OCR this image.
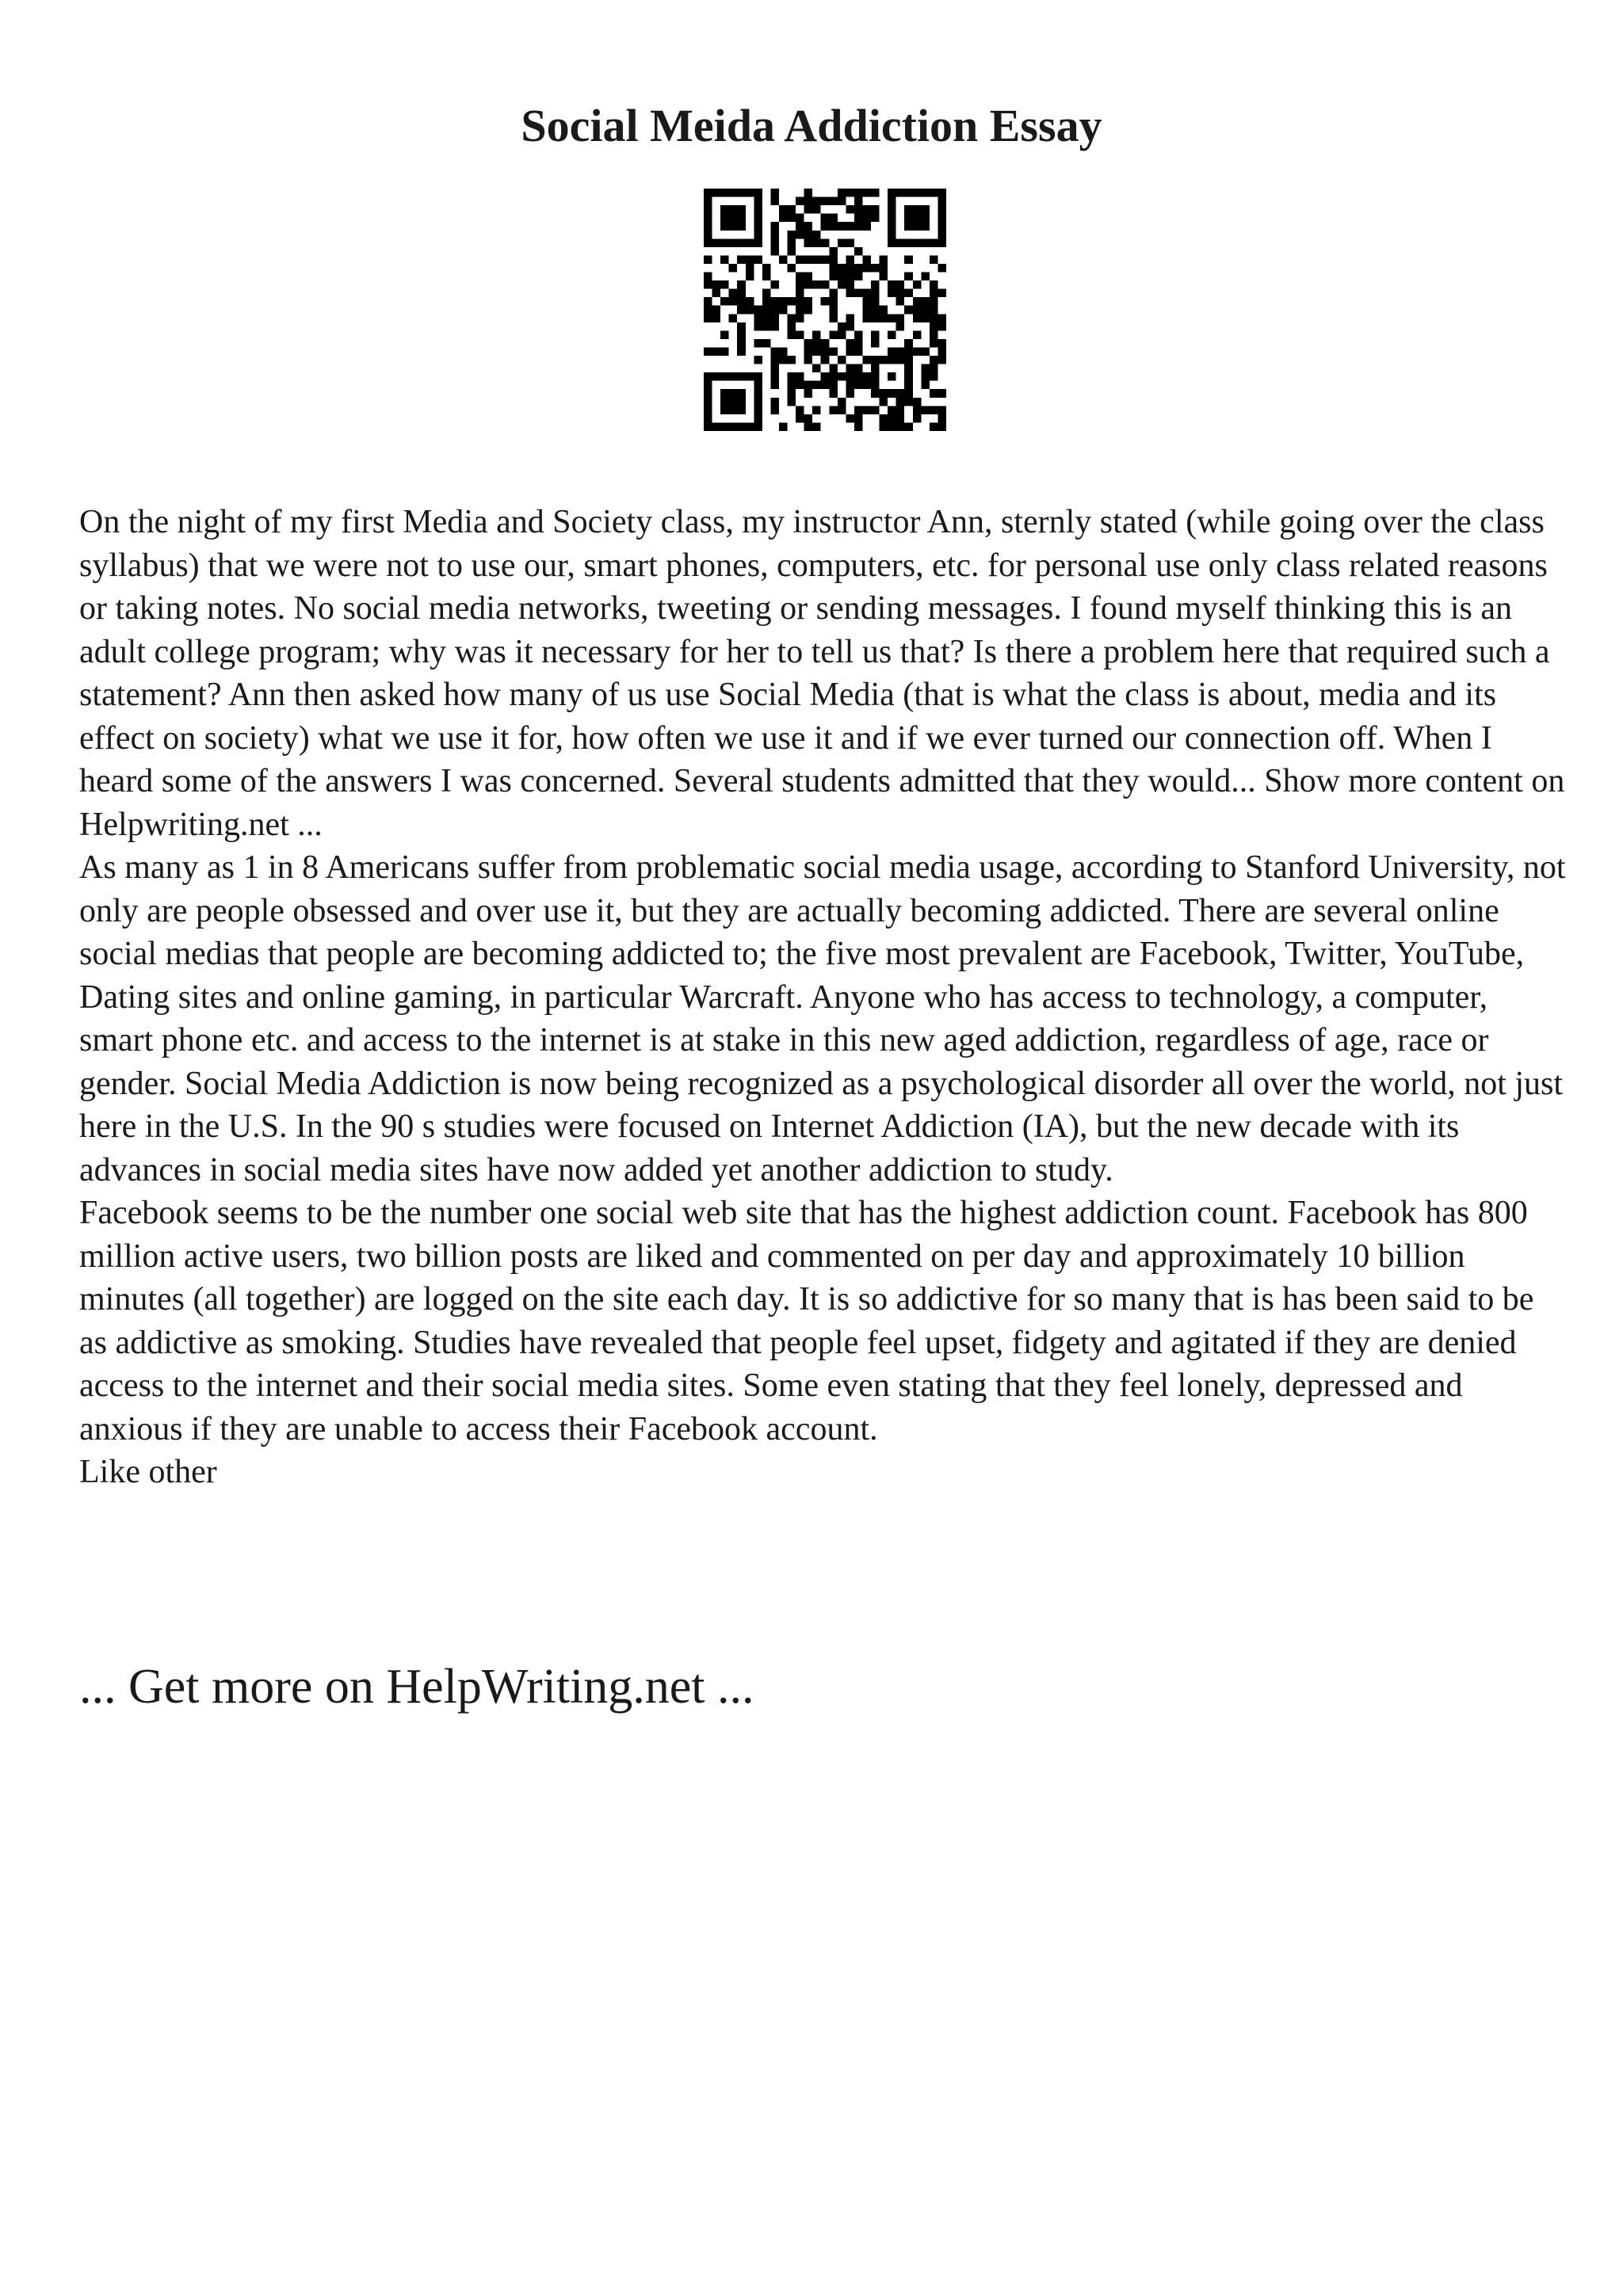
Social Meida Addiction Essay

On the night of my first Media and Society class, my instructor Ann, sternly stated (while going over the class syllabus) that we were not to use our, smart phones, computers, etc. for personal use only class related reasons or taking notes. No social media networks, tweeting or sending messages. I found myself thinking this is an adult college program; why was it necessary for her to tell us that? Is there a problem here that required such a statement? Ann then asked how many of us use Social Media (that is what the class is about, media and its effect on society) what we use it for, how often we use it and if we ever turned our connection off. When I heard some of the answers I was concerned. Several students admitted that they would... Show more content on Helpwriting.net ...

As many as 1 in 8 Americans suffer from problematic social media usage, according to Stanford University, not only are people obsessed and over use it, but they are actually becoming addicted. There are several online social medias that people are becoming addicted to; the five most prevalent are Facebook, Twitter, YouTube, Dating sites and online gaming, in particular Warcraft. Anyone who has access to technology, a computer, smart phone etc. and access to the internet is at stake in this new aged addiction, regardless of age, race or gender. Social Media Addiction is now being recognized as a psychological disorder all over the world, not just here in the U.S. In the 90 s studies were focused on Internet Addiction (IA), but the new decade with its advances in social media sites have now added yet another addiction to study.

Facebook seems to be the number one social web site that has the highest addiction count. Facebook has 800 million active users, two billion posts are liked and commented on per day and approximately 10 billion minutes (all together) are logged on the site each day. It is so addictive for so many that is has been said to be as addictive as smoking. Studies have revealed that people feel upset, fidgety and agitated if they are denied access to the internet and their social media sites. Some even stating that they feel lonely, depressed and anxious if they are unable to access their Facebook account.

Like other

... Get more on HelpWriting.net ...
